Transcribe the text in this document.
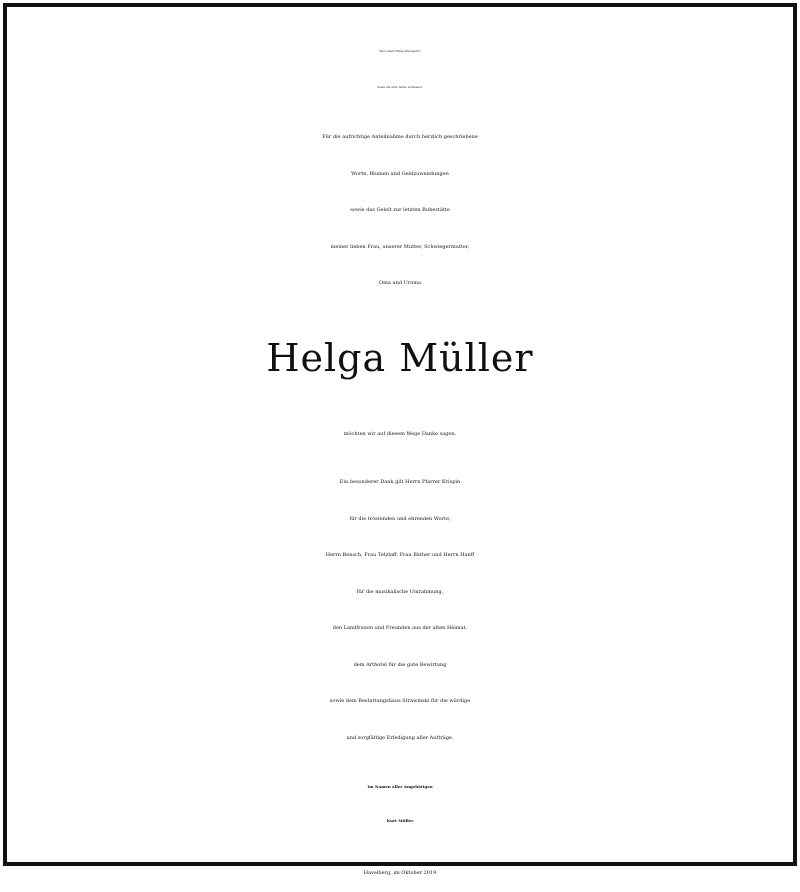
Wer einen Fluss überquert,
muss die eine Seite verlassen.
Für die aufrichtige Anteilnahme durch herzlich geschriebene
Worte, Blumen und Geldzuwendungen
sowie das Geleit zur letzten Ruhestätte
meiner lieben Frau, unserer Mutter, Schwiegermutter,
Oma und Uroma
Helga Müller
möchten wir auf diesem Wege Danke sagen.
Ein besonderer Dank gilt Herrn Pfarrer Krispin
für die tröstenden und ehrenden Worte,
Herrn Bensch, Frau Tetzlaff, Frau Bäther und Herrn Hanff
für die musikalische Umrahmung,
den Landfrauen und Freunden aus der alten Heimat,
dem Arthotel für die gute Bewirtung
sowie dem Bestattungshaus Strawinski für die würdige
und sorgfältige Erledigung aller Aufträge.
Im Namen aller Angehörigen
Kurt Müller
Havelberg, im Oktober 2019
